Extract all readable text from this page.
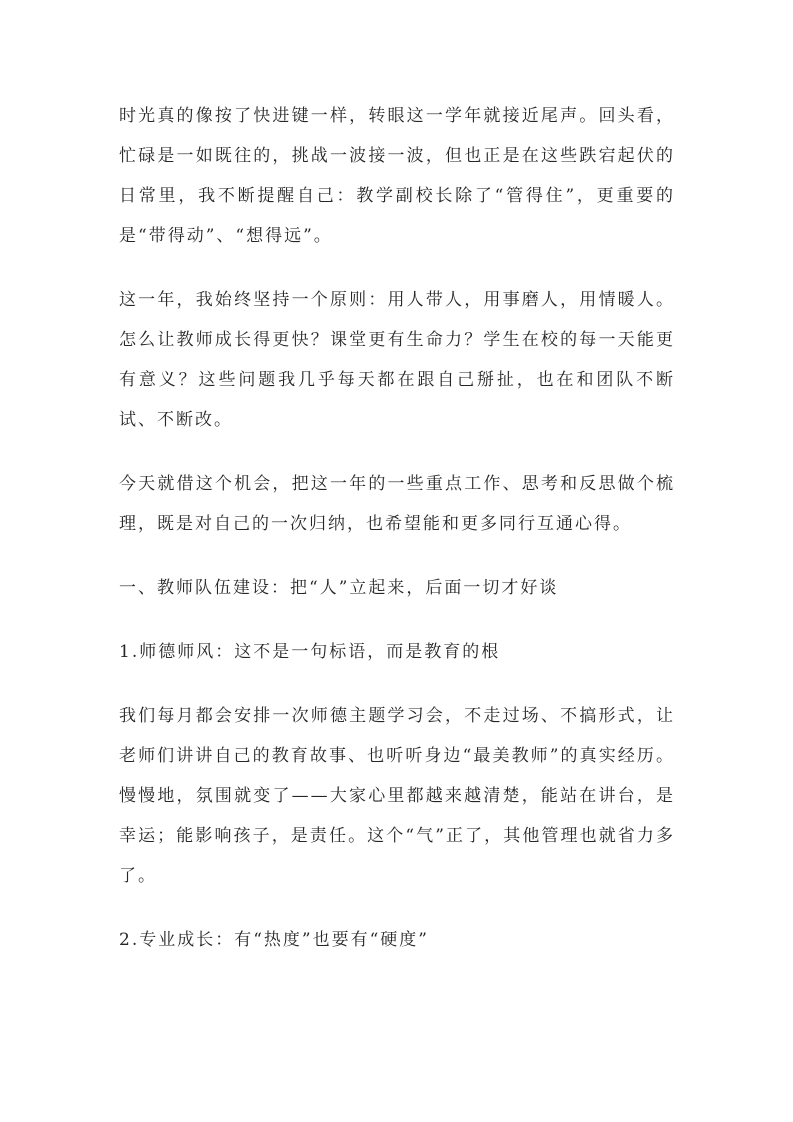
时光真的像按了快进键一样，转眼这一学年就接近尾声。回头看，忙碌是一如既往的，挑战一波接一波，但也正是在这些跌宕起伏的日常里，我不断提醒自己：教学副校长除了“管得住”，更重要的是“带得动”、“想得远”。

这一年，我始终坚持一个原则：用人带人，用事磨人，用情暖人。怎么让教师成长得更快？课堂更有生命力？学生在校的每一天能更有意义？这些问题我几乎每天都在跟自己掰扯，也在和团队不断试、不断改。

今天就借这个机会，把这一年的一些重点工作、思考和反思做个梳理，既是对自己的一次归纳，也希望能和更多同行互通心得。

一、教师队伍建设：把“人”立起来，后面一切才好谈

1.师德师风：这不是一句标语，而是教育的根

我们每月都会安排一次师德主题学习会，不走过场、不搞形式，让老师们讲讲自己的教育故事、也听听身边“最美教师”的真实经历。慢慢地，氛围就变了——大家心里都越来越清楚，能站在讲台，是幸运；能影响孩子，是责任。这个“气”正了，其他管理也就省力多了。

2.专业成长：有“热度”也要有“硬度”
